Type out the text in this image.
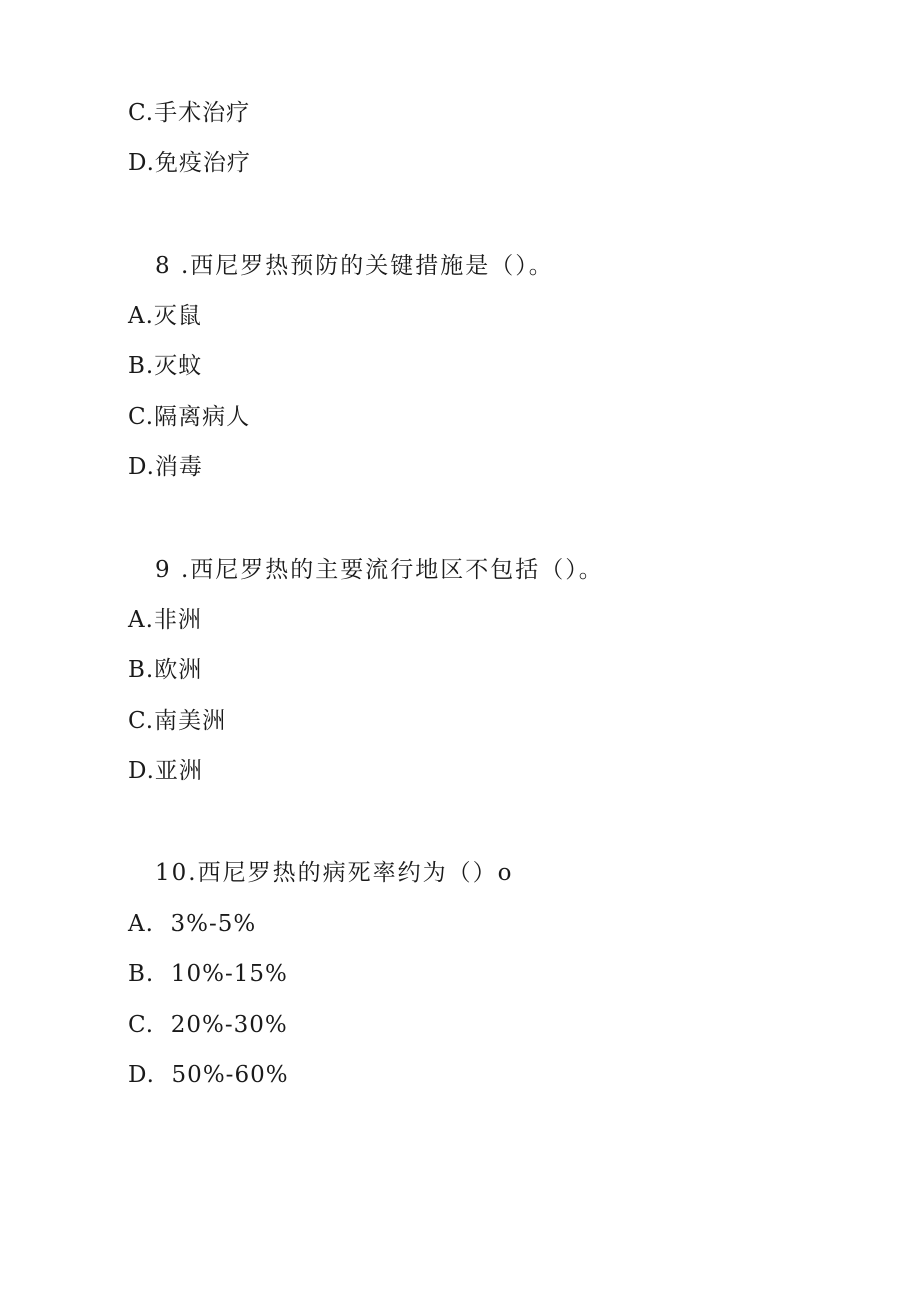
C.手术治疗
D.免疫治疗
8 .西尼罗热预防的关键措施是（）。
A.灭鼠
B.灭蚊
C.隔离病人
D.消毒
9 .西尼罗热的主要流行地区不包括（）。
A.非洲
B.欧洲
C.南美洲
D.亚洲
10.西尼罗热的病死率约为（）o
A.  3%-5%
B.  10%-15%
C.  20%-30%
D.  50%-60%
